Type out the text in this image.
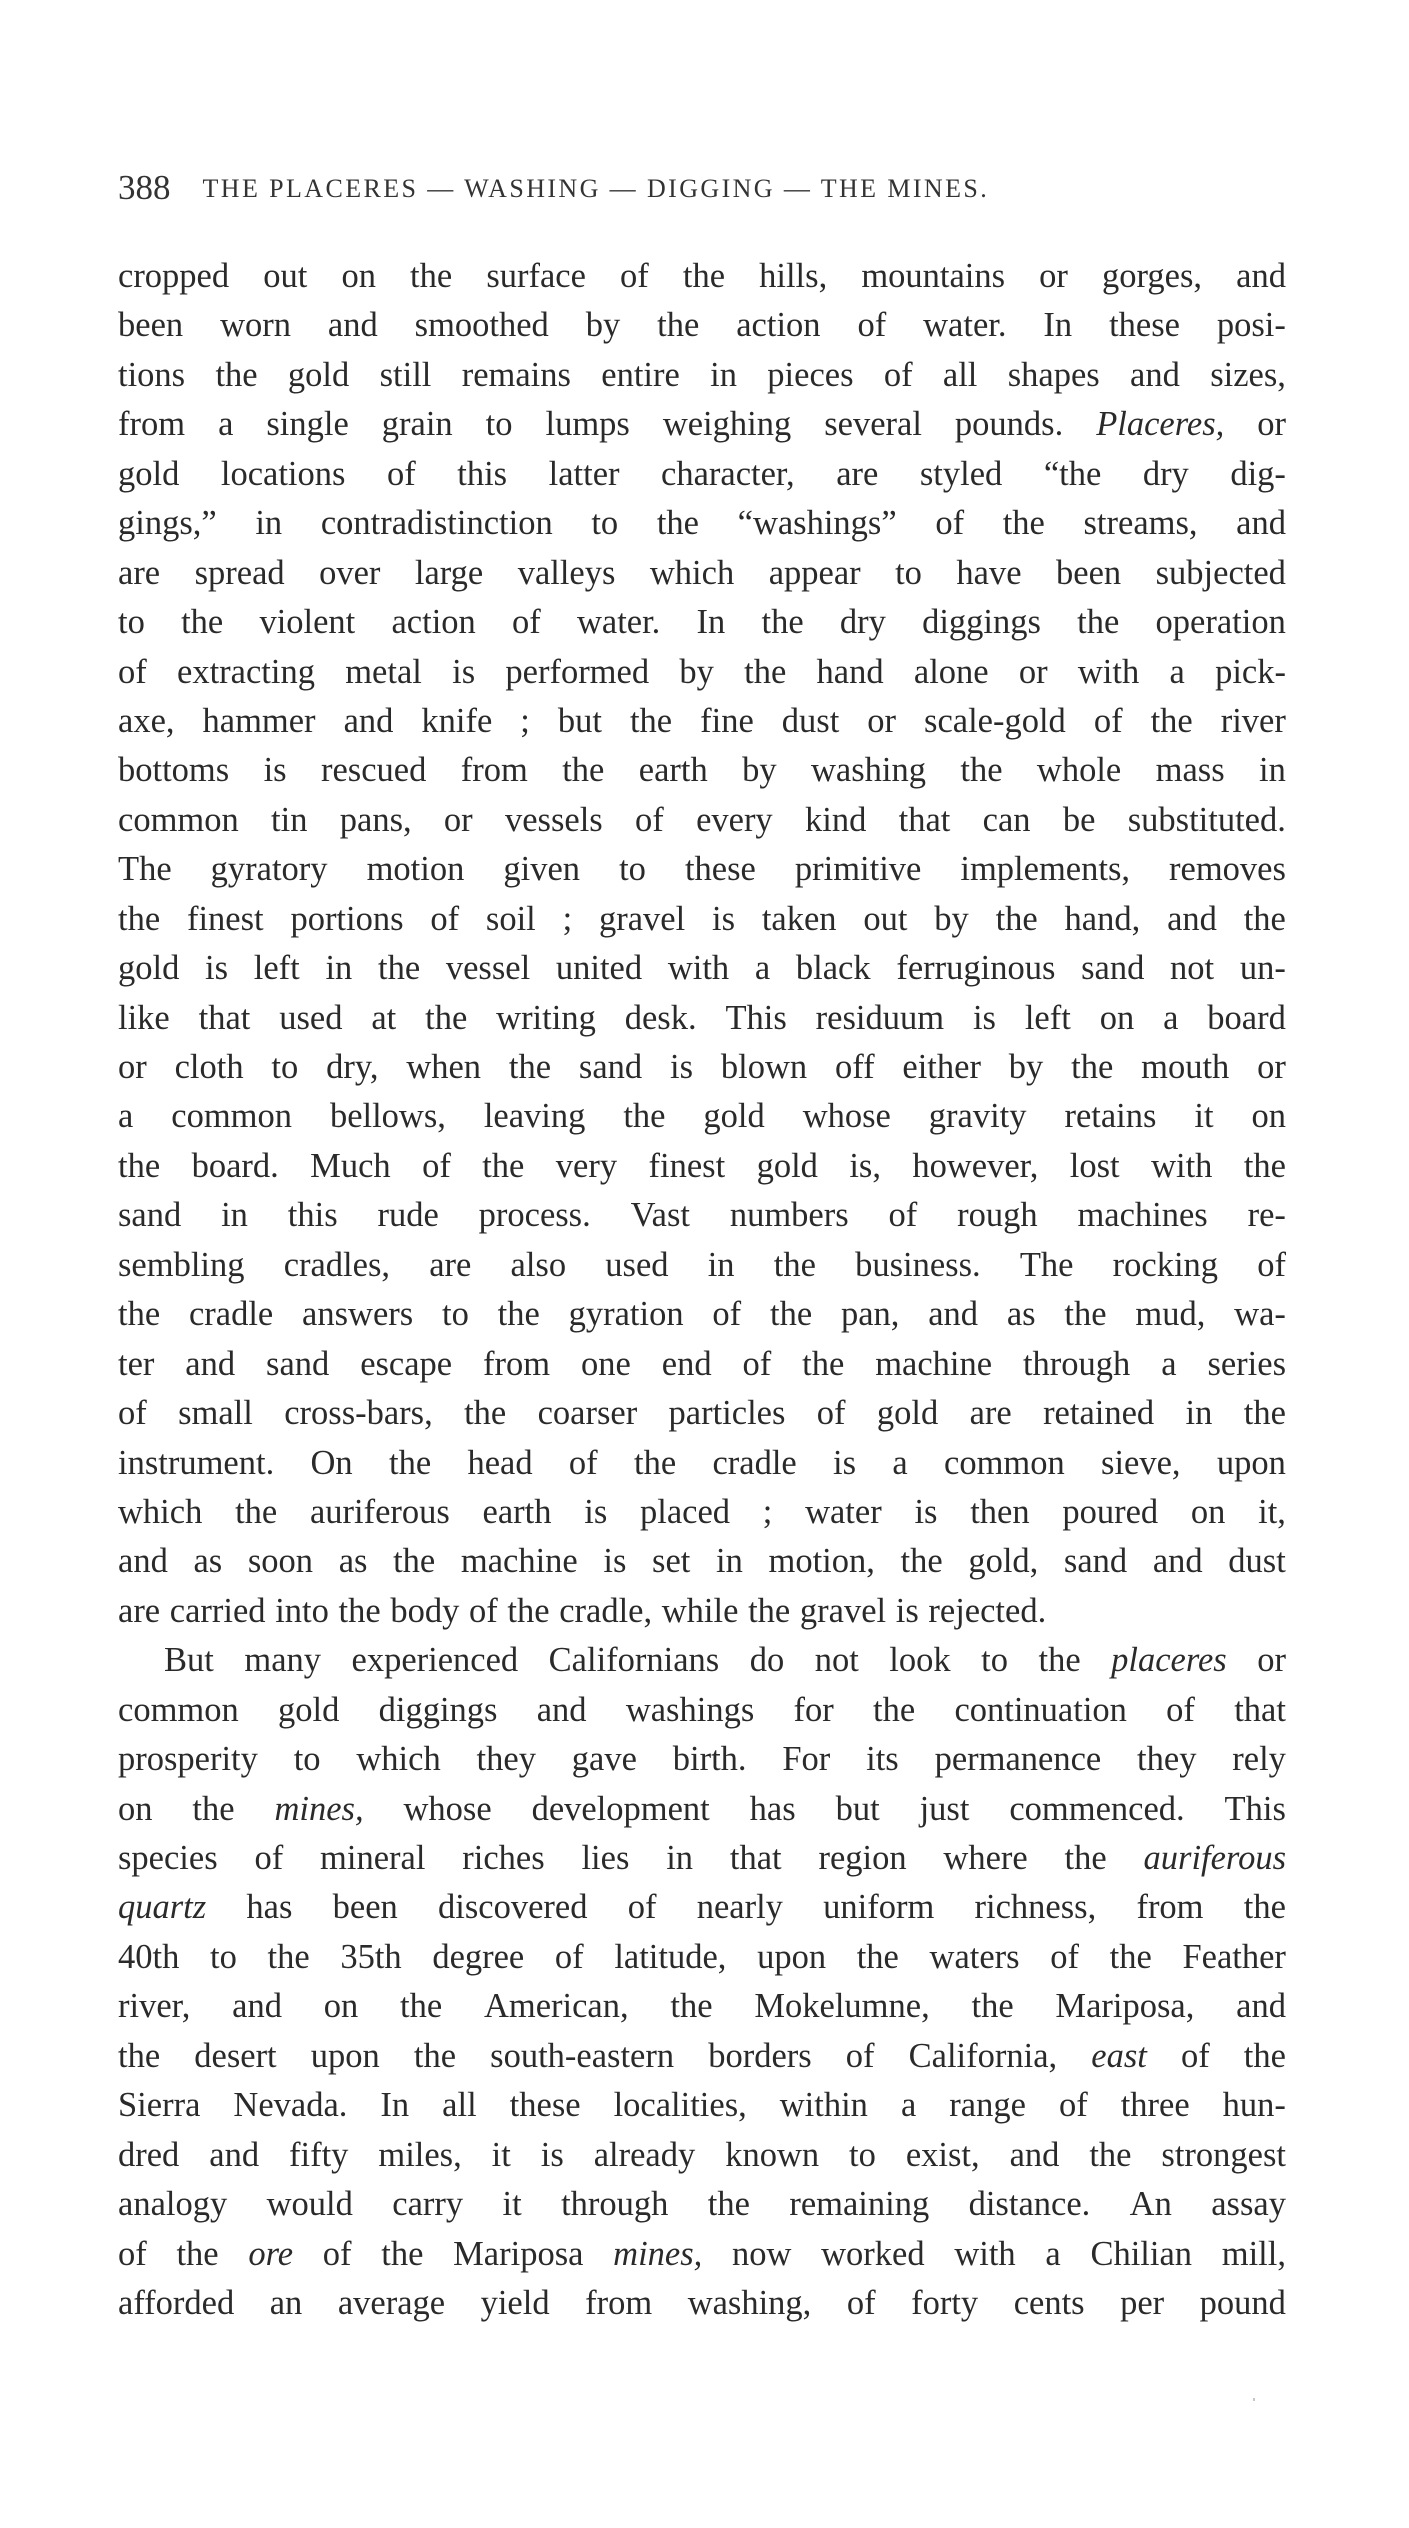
388 THE PLACERES — WASHING — DIGGING — THE MINES.
cropped out on the surface of the hills, mountains or gorges, and
been worn and smoothed by the action of water. In these posi-
tions the gold still remains entire in pieces of all shapes and sizes,
from a single grain to lumps weighing several pounds. Placeres, or
gold locations of this latter character, are styled “the dry dig-
gings,” in contradistinction to the “washings” of the streams, and
are spread over large valleys which appear to have been subjected
to the violent action of water. In the dry diggings the operation
of extracting metal is performed by the hand alone or with a pick-
axe, hammer and knife ; but the fine dust or scale-gold of the river
bottoms is rescued from the earth by washing the whole mass in
common tin pans, or vessels of every kind that can be substituted.
The gyratory motion given to these primitive implements, removes
the finest portions of soil ; gravel is taken out by the hand, and the
gold is left in the vessel united with a black ferruginous sand not un-
like that used at the writing desk. This residuum is left on a board
or cloth to dry, when the sand is blown off either by the mouth or
a common bellows, leaving the gold whose gravity retains it on
the board. Much of the very finest gold is, however, lost with the
sand in this rude process. Vast numbers of rough machines re-
sembling cradles, are also used in the business. The rocking of
the cradle answers to the gyration of the pan, and as the mud, wa-
ter and sand escape from one end of the machine through a series
of small cross-bars, the coarser particles of gold are retained in the
instrument. On the head of the cradle is a common sieve, upon
which the auriferous earth is placed ; water is then poured on it,
and as soon as the machine is set in motion, the gold, sand and dust
are carried into the body of the cradle, while the gravel is rejected.
But many experienced Californians do not look to the placeres or
common gold diggings and washings for the continuation of that
prosperity to which they gave birth. For its permanence they rely
on the mines, whose development has but just commenced. This
species of mineral riches lies in that region where the auriferous
quartz has been discovered of nearly uniform richness, from the
40th to the 35th degree of latitude, upon the waters of the Feather
river, and on the American, the Mokelumne, the Mariposa, and
the desert upon the south-eastern borders of California, east of the
Sierra Nevada. In all these localities, within a range of three hun-
dred and fifty miles, it is already known to exist, and the strongest
analogy would carry it through the remaining distance. An assay
of the ore of the Mariposa mines, now worked with a Chilian mill,
afforded an average yield from washing, of forty cents per pound
